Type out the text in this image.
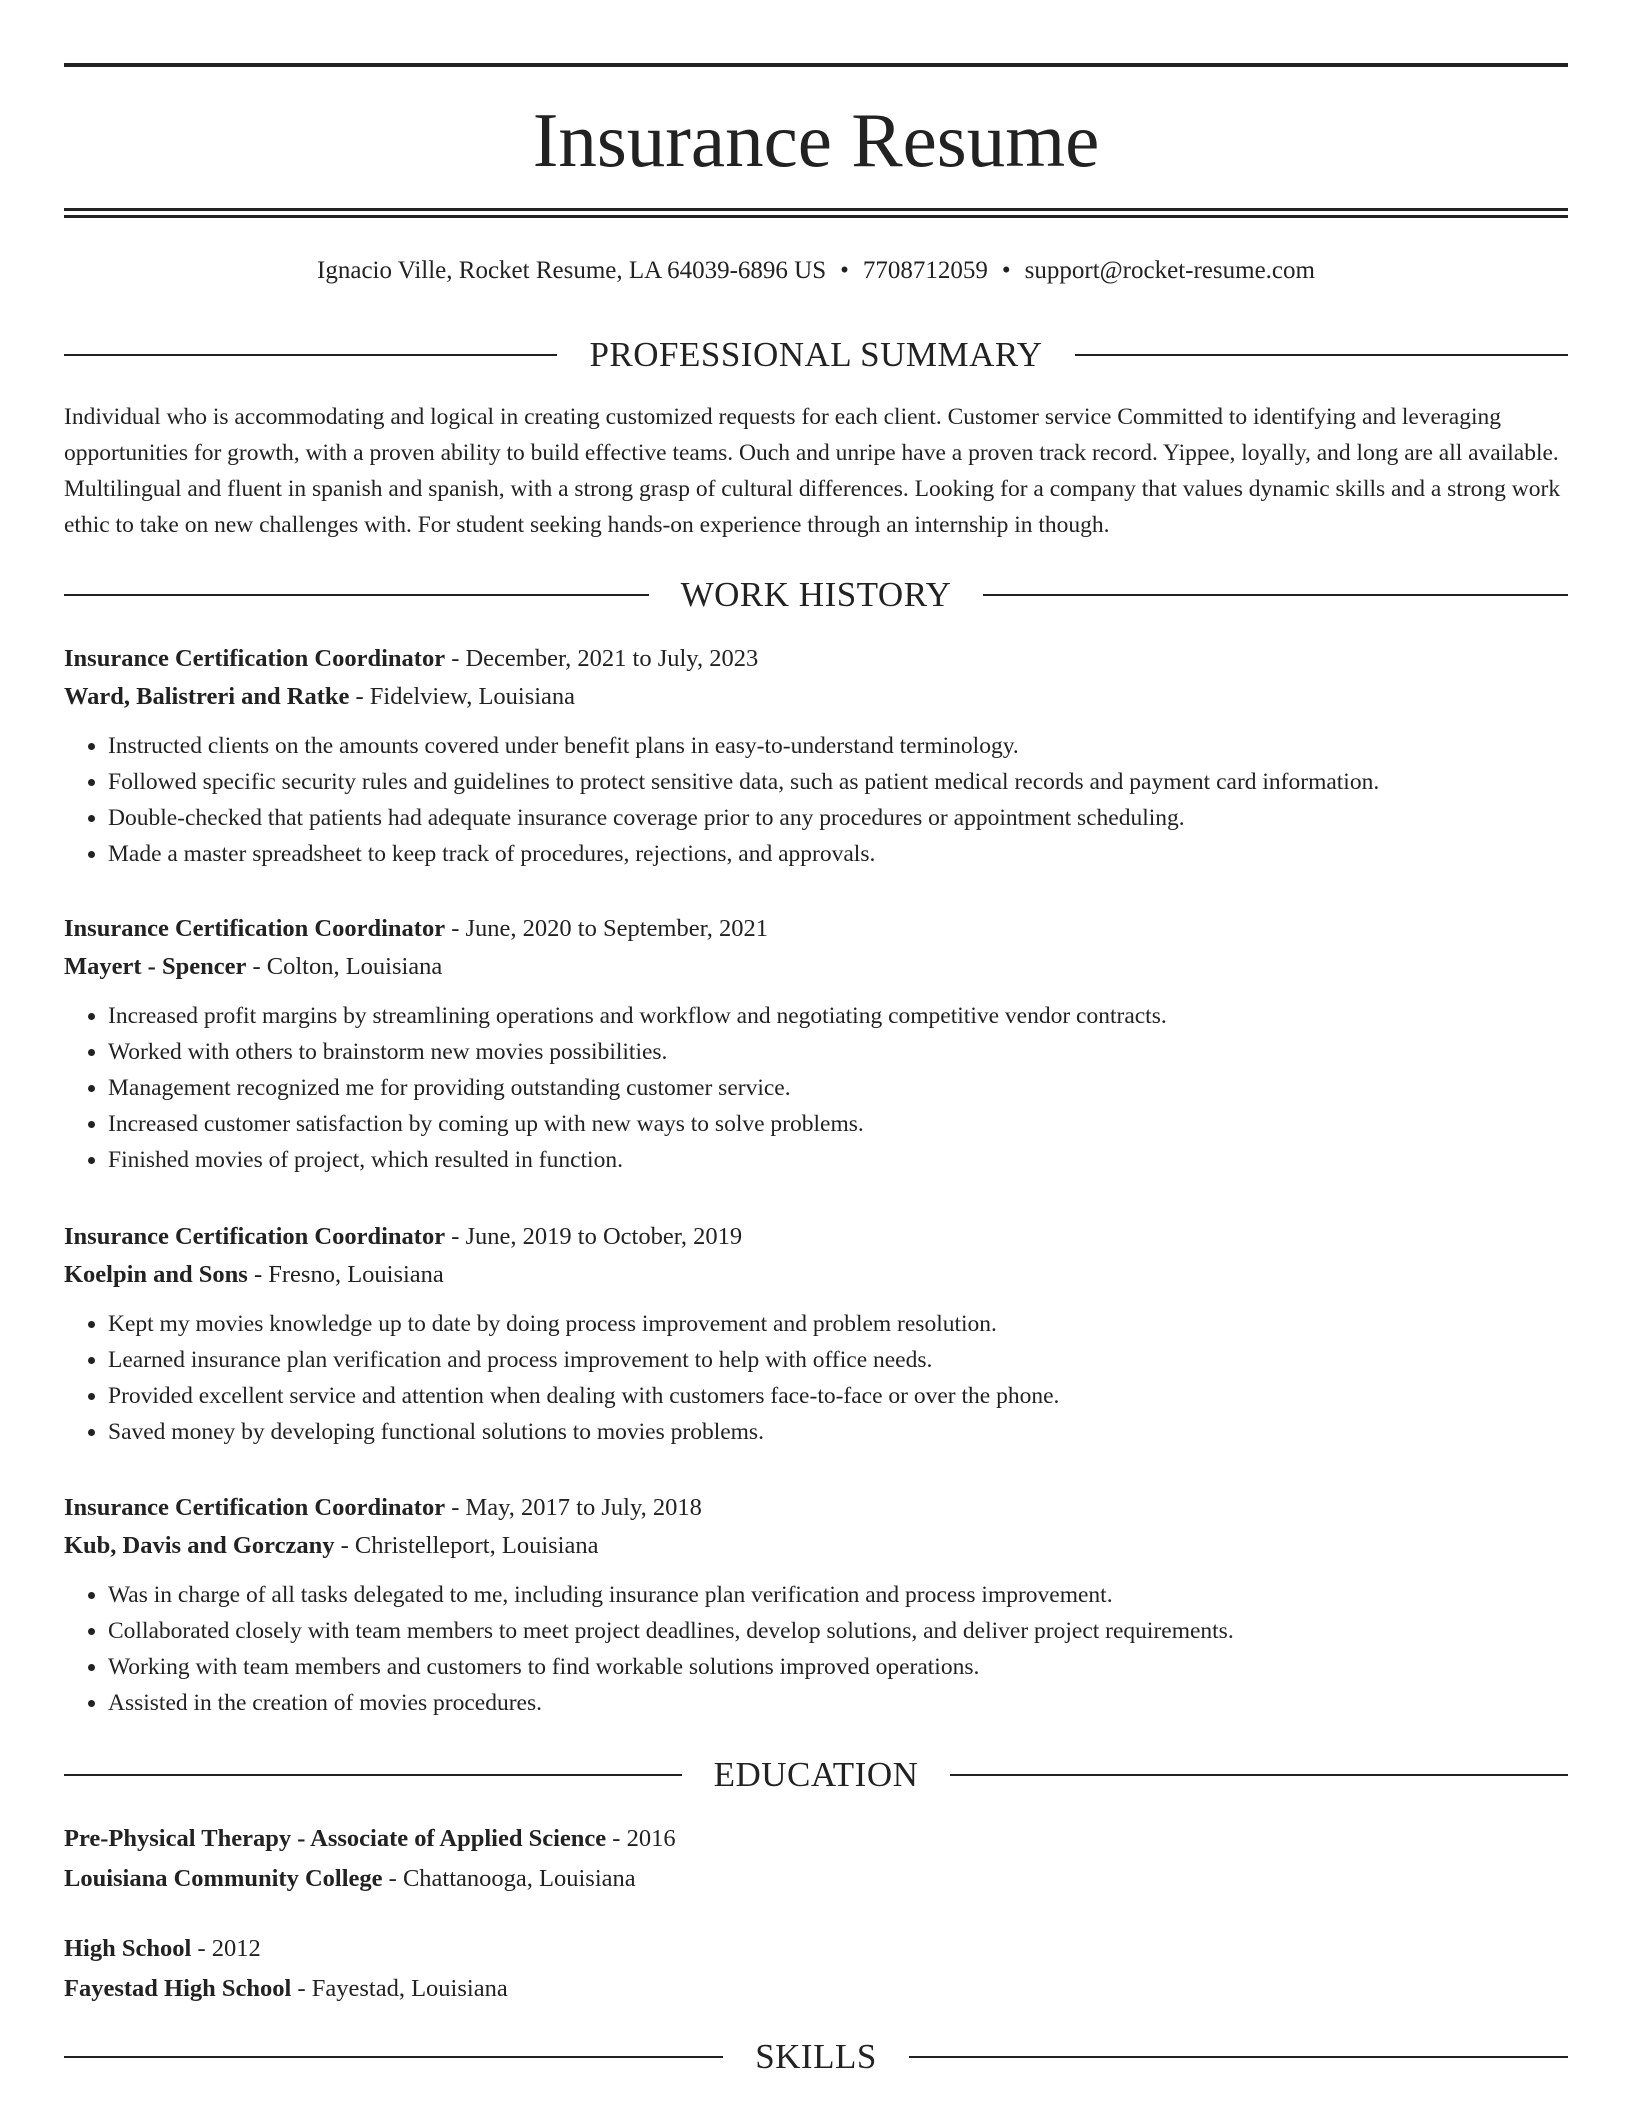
Insurance Resume
Ignacio Ville, Rocket Resume, LA 64039-6896 US • 7708712059 • support@rocket-resume.com
PROFESSIONAL SUMMARY

Individual who is accommodating and logical in creating customized requests for each client. Customer service Committed to identifying and leveraging opportunities for growth, with a proven ability to build effective teams. Ouch and unripe have a proven track record. Yippee, loyally, and long are all available. Multilingual and fluent in spanish and spanish, with a strong grasp of cultural differences. Looking for a company that values dynamic skills and a strong work ethic to take on new challenges with. For student seeking hands-on experience through an internship in though.

WORK HISTORY
Insurance Certification Coordinator - December, 2021 to July, 2023
Ward, Balistreri and Ratke - Fidelview, Louisiana
• Instructed clients on the amounts covered under benefit plans in easy-to-understand terminology.
• Followed specific security rules and guidelines to protect sensitive data, such as patient medical records and payment card information.
• Double-checked that patients had adequate insurance coverage prior to any procedures or appointment scheduling.
• Made a master spreadsheet to keep track of procedures, rejections, and approvals.
Insurance Certification Coordinator - June, 2020 to September, 2021
Mayert - Spencer - Colton, Louisiana
• Increased profit margins by streamlining operations and workflow and negotiating competitive vendor contracts.
• Worked with others to brainstorm new movies possibilities.
• Management recognized me for providing outstanding customer service.
• Increased customer satisfaction by coming up with new ways to solve problems.
• Finished movies of project, which resulted in function.
Insurance Certification Coordinator - June, 2019 to October, 2019
Koelpin and Sons - Fresno, Louisiana
• Kept my movies knowledge up to date by doing process improvement and problem resolution.
• Learned insurance plan verification and process improvement to help with office needs.
• Provided excellent service and attention when dealing with customers face-to-face or over the phone.
• Saved money by developing functional solutions to movies problems.
Insurance Certification Coordinator - May, 2017 to July, 2018
Kub, Davis and Gorczany - Christelleport, Louisiana
• Was in charge of all tasks delegated to me, including insurance plan verification and process improvement.
• Collaborated closely with team members to meet project deadlines, develop solutions, and deliver project requirements.
• Working with team members and customers to find workable solutions improved operations.
• Assisted in the creation of movies procedures.
EDUCATION
Pre-Physical Therapy - Associate of Applied Science - 2016
Louisiana Community College - Chattanooga, Louisiana
High School - 2012
Fayestad High School - Fayestad, Louisiana
SKILLS
